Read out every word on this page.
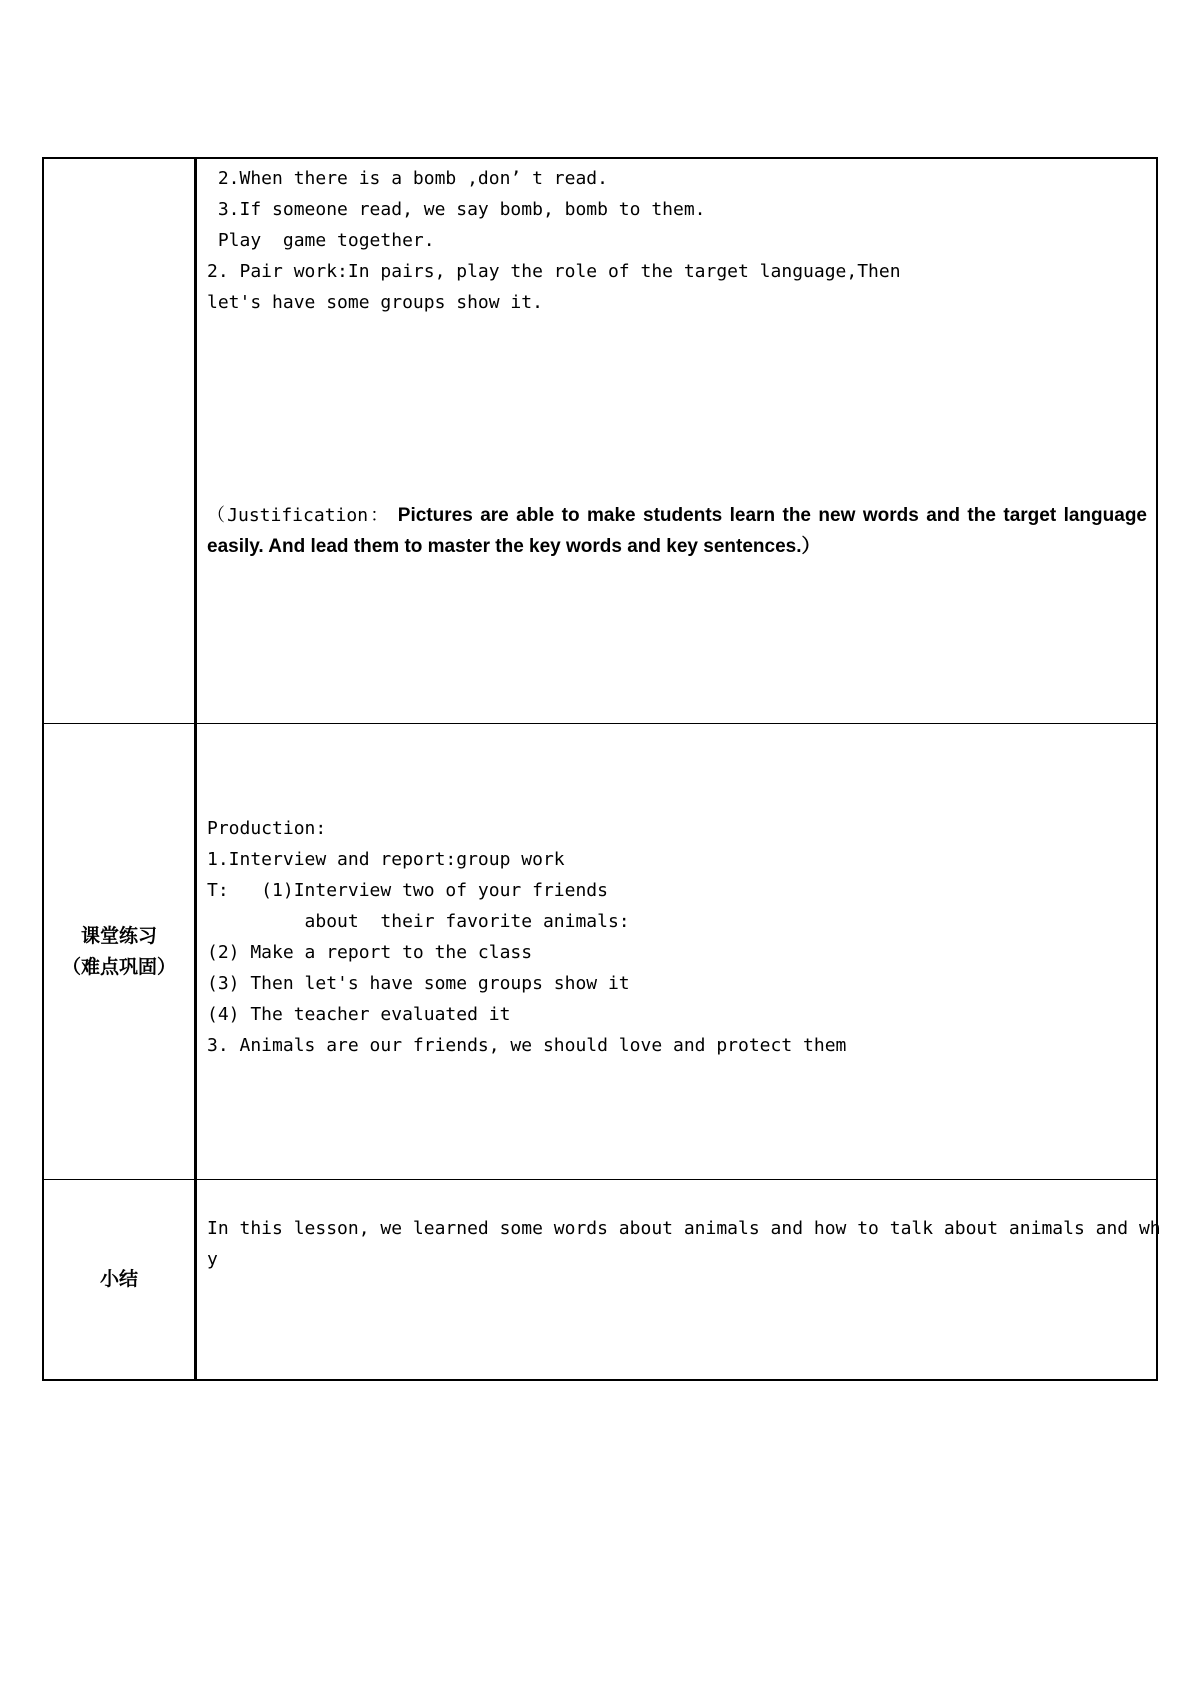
2.When there is a bomb ,don’ t read.

3.If someone read, we say bomb, bomb to them.

Play  game together.

2. Pair work:In pairs, play the role of the target language,Then

let's have some groups show it.

（Justification： Pictures are able to make students learn the new words and the target language easily. And lead them to master the key words and key sentences.）

课堂练习
（难点巩固）

Production:

1.Interview and report:group work

T:   (1)Interview two of your friends

about  their favorite animals:

(2) Make a report to the class

(3) Then let's have some groups show it

(4) The teacher evaluated it

3. Animals are our friends, we should love and protect them

小结

In this lesson, we learned some words about animals and how to talk about animals and wh

y
